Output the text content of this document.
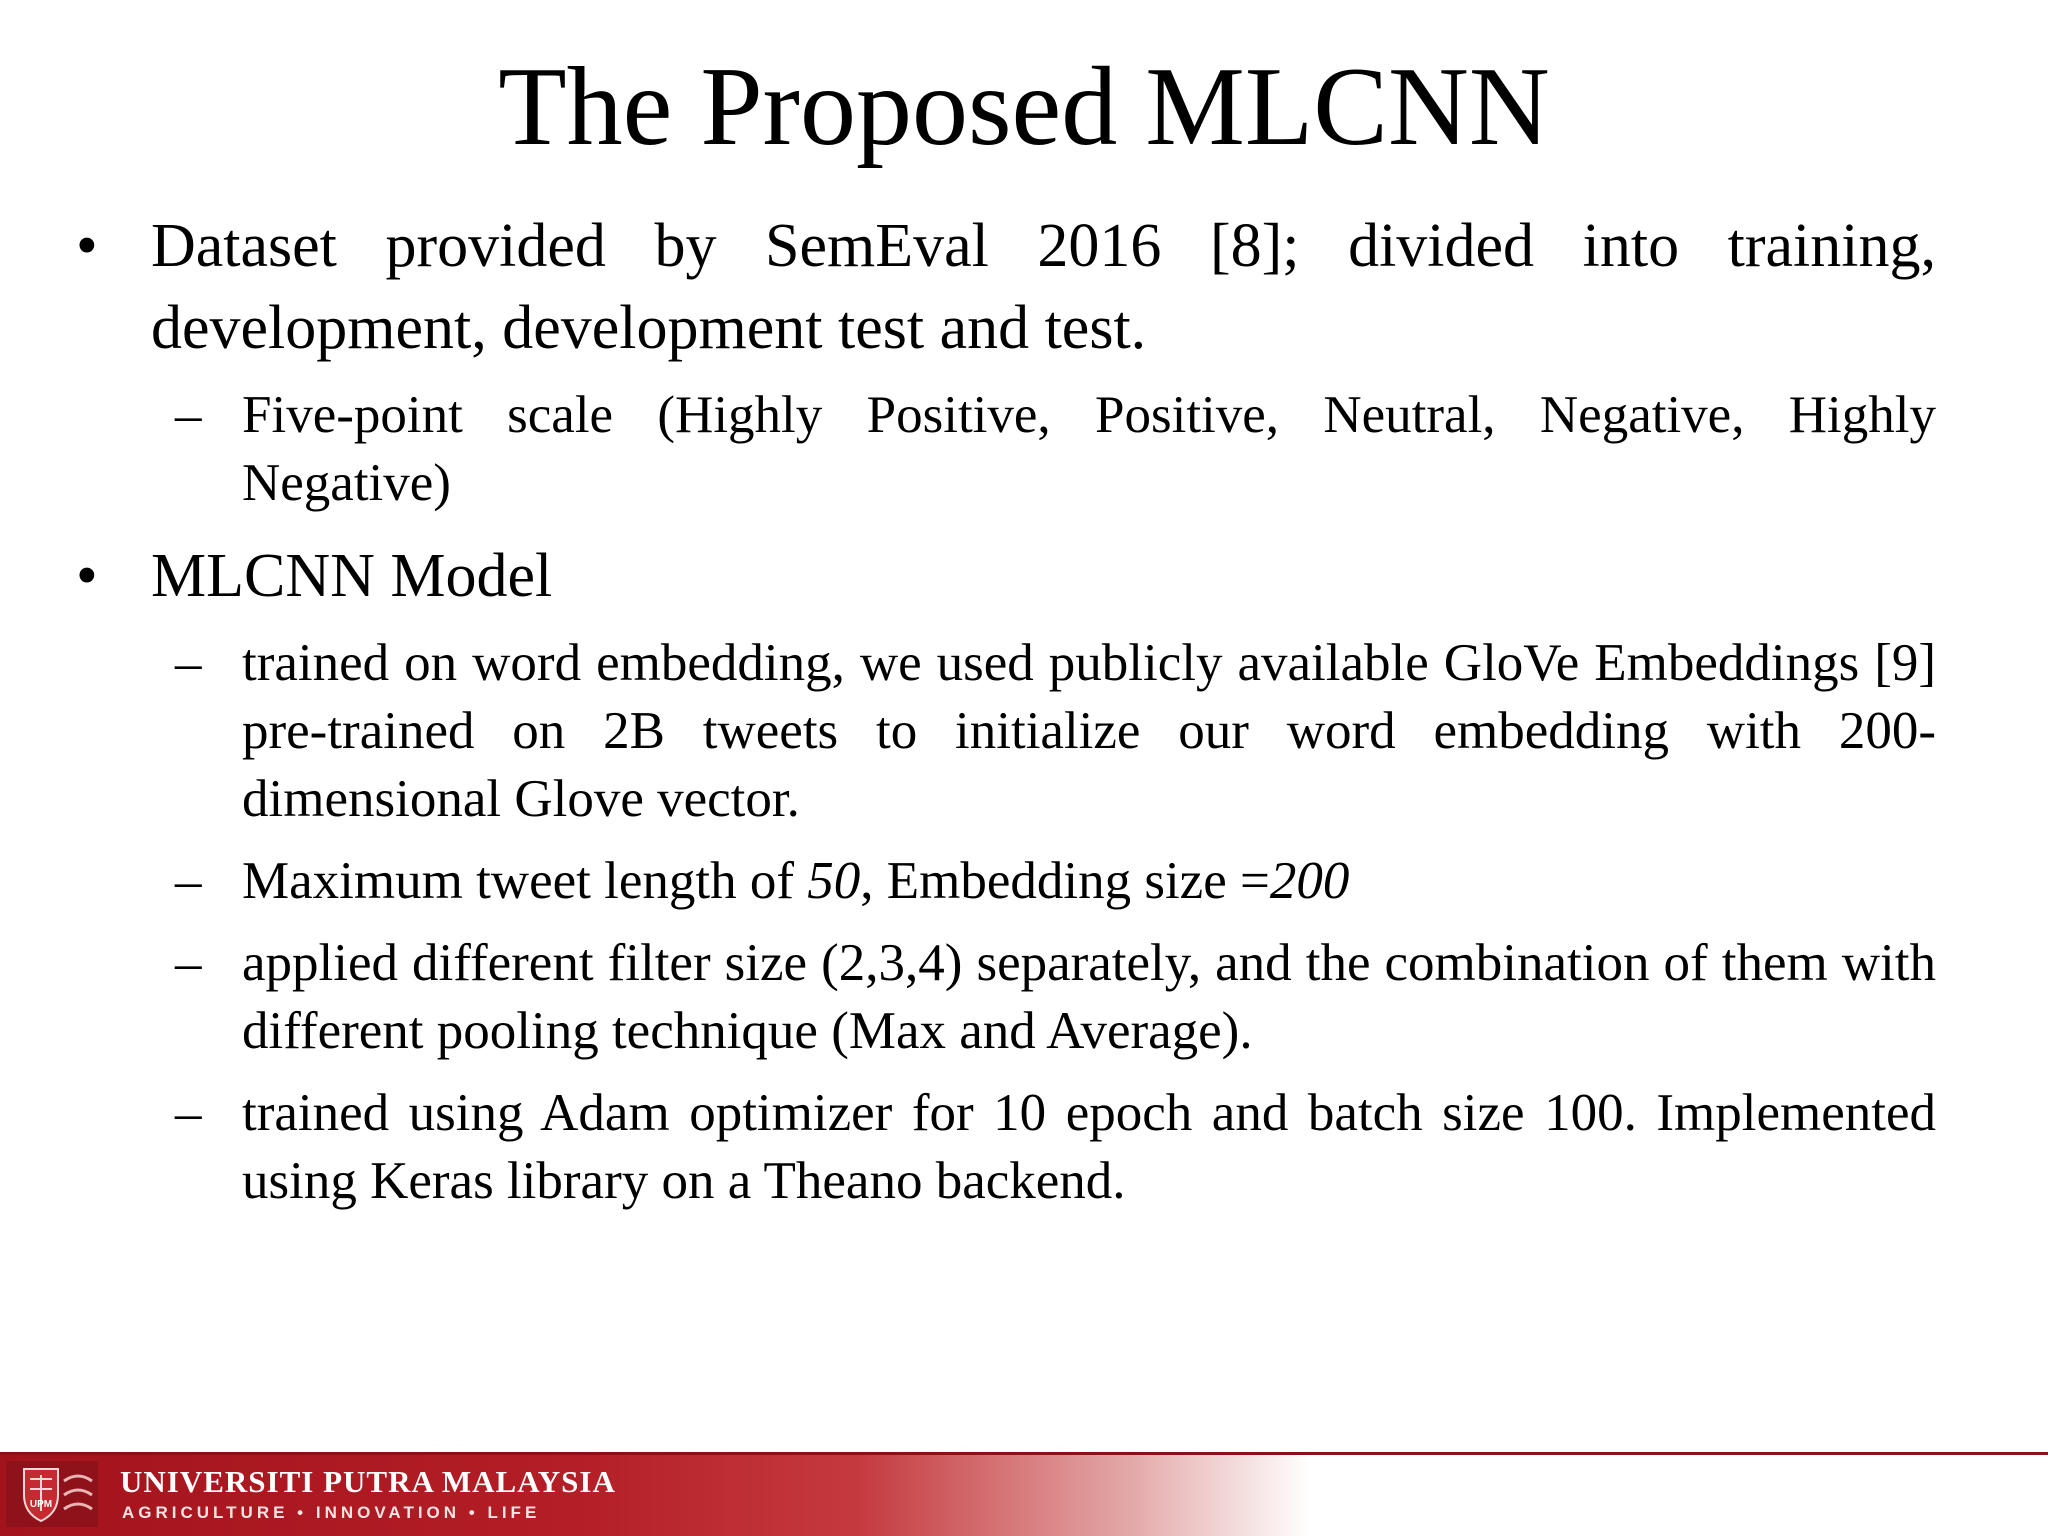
The Proposed MLCNN
• Dataset provided by SemEval 2016 [8]; divided into training, development, development test and test.
– Five-point scale (Highly Positive, Positive, Neutral, Negative, Highly Negative)
• MLCNN Model
– trained on word embedding, we used publicly available GloVe Embeddings [9] pre-trained on 2B tweets to initialize our word embedding with 200- dimensional Glove vector.
– Maximum tweet length of 50, Embedding size =200
– applied different filter size (2,3,4) separately, and the combination of them with different pooling technique (Max and Average).
– trained using Adam optimizer for 10 epoch and batch size 100. Implemented using Keras library on a Theano backend.
UPM
UNIVERSITI PUTRA MALAYSIA
AGRICULTURE • INNOVATION • LIFE
